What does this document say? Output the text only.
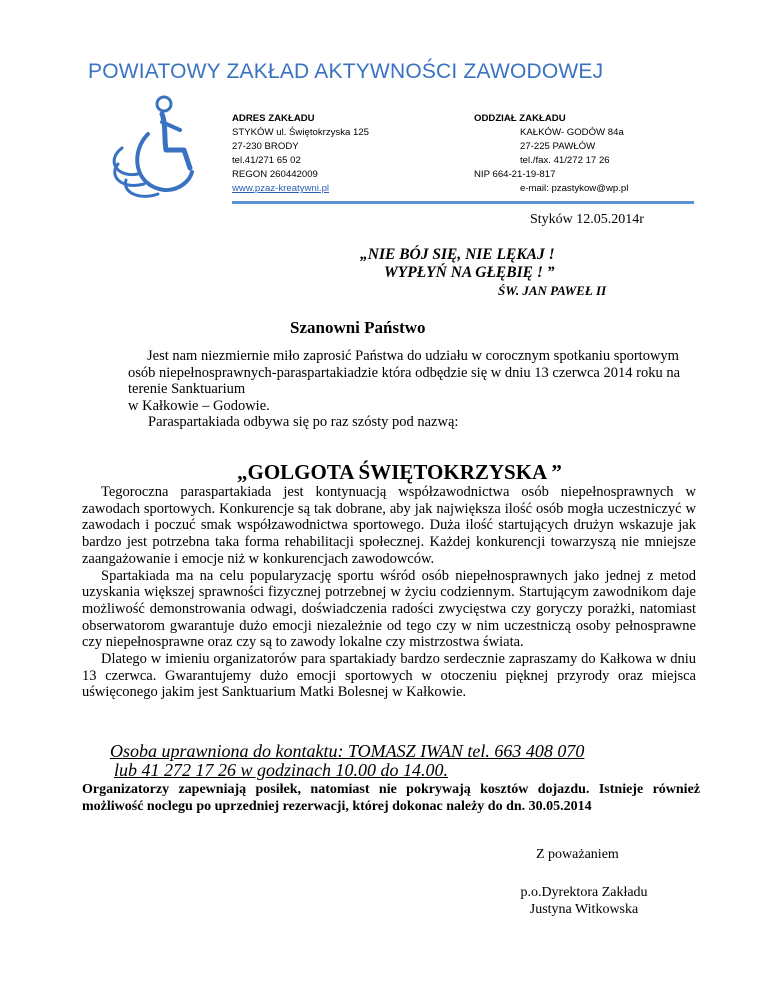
POWIATOWY ZAKŁAD AKTYWNOŚCI ZAWODOWEJ
ADRES ZAKŁADU
STYKÓW ul. Świętokrzyska 125
27-230 BRODY
tel.41/271 65 02
REGON 260442009
www.pzaz-kreatywni.pl
ODDZIAŁ ZAKŁADU
KAŁKÓW- GODÓW 84a
27-225 PAWŁÓW
tel./fax. 41/272 17 26
NIP 664-21-19-817
e-mail: pzastykow@wp.pl
Styków 12.05.2014r
„NIE BÓJ SIĘ, NIE LĘKAJ !
WYPŁYŃ NA GŁĘBIĘ ! ”
ŚW. JAN PAWEŁ II
Szanowni Państwo

Jest nam niezmiernie miło zaprosić Państwa do udziału w corocznym spotkaniu sportowym osób niepełnosprawnych-paraspartakiadzie która odbędzie się w dniu 13 czerwca 2014 roku na terenie Sanktuarium

w Kałkowie – Godowie.

Paraspartakiada odbywa się po raz szósty pod nazwą:

„GOLGOTA ŚWIĘTOKRZYSKA ”

Tegoroczna paraspartakiada jest kontynuacją współzawodnictwa osób niepełnosprawnych w zawodach sportowych. Konkurencje są tak dobrane, aby jak największa ilość osób mogła uczestniczyć w zawodach i poczuć smak współzawodnictwa sportowego. Duża ilość startujących drużyn wskazuje jak bardzo jest potrzebna taka forma rehabilitacji społecznej. Każdej konkurencji towarzyszą nie mniejsze zaangażowanie i emocje niż w konkurencjach zawodowców.

Spartakiada ma na celu popularyzację sportu wśród osób niepełnosprawnych jako jednej z metod uzyskania większej sprawności fizycznej potrzebnej w życiu codziennym. Startującym zawodnikom daje możliwość demonstrowania odwagi, doświadczenia radości zwycięstwa czy goryczy porażki, natomiast obserwatorom gwarantuje dużo emocji niezależnie od tego czy w nim uczestniczą osoby pełnosprawne czy niepełnosprawne oraz czy są to zawody lokalne czy mistrzostwa świata.

Dlatego w imieniu organizatorów para spartakiady bardzo serdecznie zapraszamy do Kałkowa w dniu 13 czerwca. Gwarantujemy dużo emocji sportowych w otoczeniu pięknej przyrody oraz miejsca uświęconego jakim jest Sanktuarium Matki Bolesnej w Kałkowie.

Osoba uprawniona do kontaktu: TOMASZ IWAN tel. 663 408 070
lub 41 272 17 26 w godzinach 10.00 do 14.00.
Organizatorzy zapewniają posiłek, natomiast nie pokrywają kosztów dojazdu. Istnieje również możliwość noclegu po uprzedniej rezerwacji, której dokonac należy do dn. 30.05.2014
Z poważaniem
p.o.Dyrektora Zakładu
Justyna Witkowska
